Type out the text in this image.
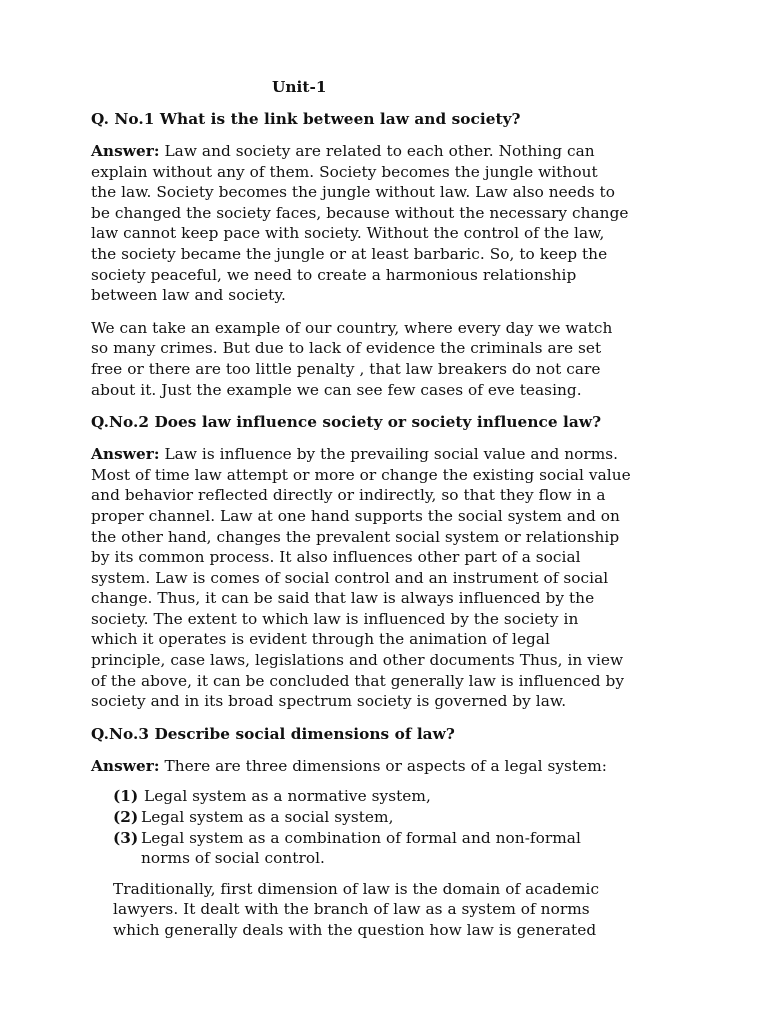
Unit-1
Q. No.1 What is the link between law and society?
Answer: Law and society are related to each other. Nothing can
explain without any of them. Society becomes the jungle without
the law. Society becomes the jungle without law. Law also needs to
be changed the society faces, because without the necessary change
law cannot keep pace with society. Without the control of the law,
the society became the jungle or at least barbaric. So, to keep the
society peaceful, we need to create a harmonious relationship
between law and society.
We can take an example of our country, where every day we watch
so many crimes. But due to lack of evidence the criminals are set
free or there are too little penalty , that law breakers do not care
about it. Just the example we can see few cases of eve teasing.
Q.No.2 Does law influence society or society influence law?
Answer: Law is influence by the prevailing social value and norms.
Most of time law attempt or more or change the existing social value
and behavior reflected directly or indirectly, so that they flow in a
proper channel. Law at one hand supports the social system and on
the other hand, changes the prevalent social system or relationship
by its common process. It also influences other part of a social
system. Law is comes of social control and an instrument of social
change. Thus, it can be said that law is always influenced by the
society. The extent to which law is influenced by the society in
which it operates is evident through the animation of legal
principle, case laws, legislations and other documents Thus, in view
of the above, it can be concluded that generally law is influenced by
society and in its broad spectrum society is governed by law.
Q.No.3 Describe social dimensions of law?
Answer: There are three dimensions or aspects of a legal system:
(1) Legal system as a normative system,
(2) Legal system as a social system,
(3) Legal system as a combination of formal and non-formal
norms of social control.
Traditionally, first dimension of law is the domain of academic
lawyers. It dealt with the branch of law as a system of norms
which generally deals with the question how law is generated
